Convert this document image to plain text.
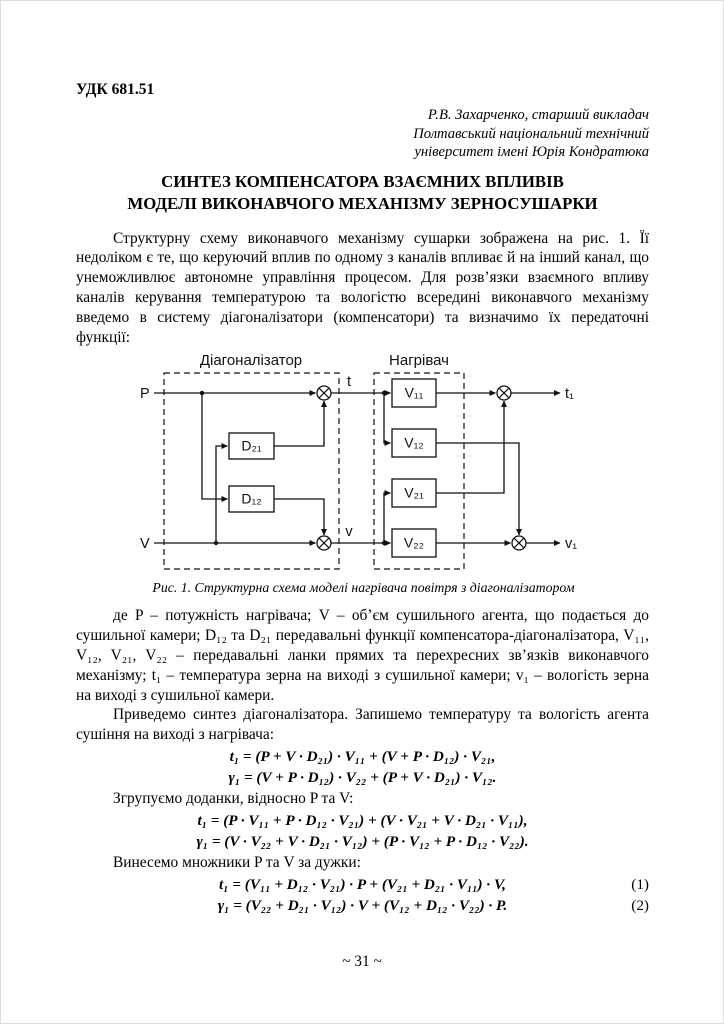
УДК 681.51
Р.В. Захарченко, старший викладач
Полтавський національний технічний
університет імені Юрія Кондратюка
СИНТЕЗ КОМПЕНСАТОРА ВЗАЄМНИХ ВПЛИВІВ
МОДЕЛІ ВИКОНАВЧОГО МЕХАНІЗМУ ЗЕРНОСУШАРКИ

Структурну схему виконавчого механізму сушарки зображена на рис. 1. Її недоліком є те, що керуючий вплив по одному з каналів впливає й на інший канал, що унеможливлює автономне управління процесом. Для розв’язки взаємного впливу каналів керування температурою та вологістю всередині виконавчого механізму введемо в систему діагоналізатори (компенсатори) та визначимо їх передаточні функції:

D₂₁
D₁₂
V₁₁
V₁₂
V₂₁
V₂₂
Діагоналізатор	Нагрівач
P
V
t
v
t₁
v₁
Рис. 1. Структурна схема моделі нагрівача повітря з діагоналізатором

де P – потужність нагрівача; V – об’єм сушильного агента, що подається до сушильної камери; D₁₂ та D₂₁ передавальні функції компенсатора-діагоналізатора, V₁₁, V₁₂, V₂₁, V₂₂ – передавальні ланки прямих та перехресних зв’язків виконавчого механізму; t₁ – температура зерна на виході з сушильної камери; v₁ – вологість зерна на виході з сушильної камери.

Приведемо синтез діагоналізатора. Запишемо температуру та вологість агента сушіння на виході з нагрівача:

t₁ = (P + V · D₂₁) · V₁₁ + (V + P · D₁₂) · V₂₁,
γ₁ = (V + P · D₁₂) · V₂₂ + (P + V · D₂₁) · V₁₂.

Згрупуємо доданки, відносно P та V:

t₁ = (P · V₁₁ + P · D₁₂ · V₂₁) + (V · V₂₁ + V · D₂₁ · V₁₁),
γ₁ = (V · V₂₂ + V · D₂₁ · V₁₂) + (P · V₁₂ + P · D₁₂ · V₂₂).

Винесемо множники P та V за дужки:

t₁ = (V₁₁ + D₁₂ · V₂₁) · P + (V₂₁ + D₂₁ · V₁₁) · V,	(1)
γ₁ = (V₂₂ + D₂₁ · V₁₂) · V + (V₁₂ + D₁₂ · V₂₂) · P.	(2)
~ 31 ~
